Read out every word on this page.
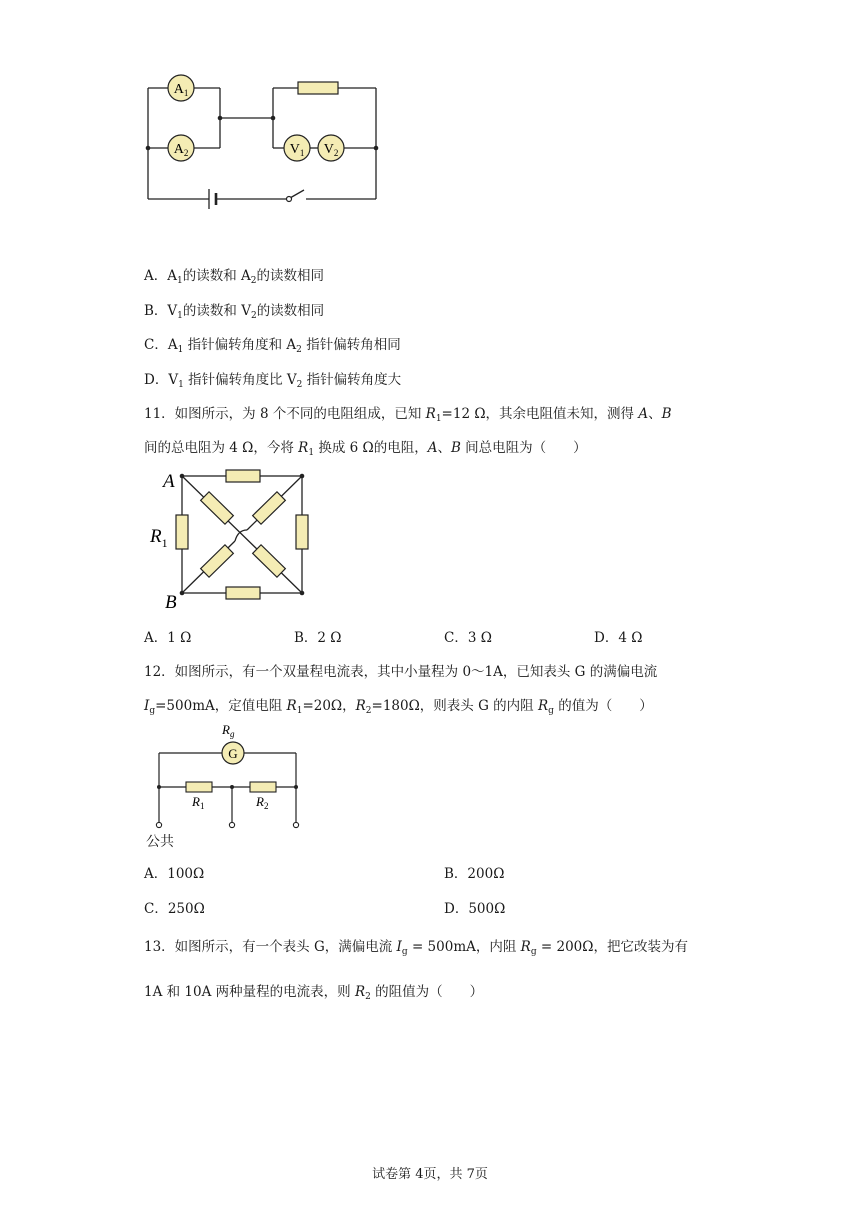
$A_1$
$A_2$	$V_1$ $V_2$
A．$A_1$的读数和 $A_2$的读数相同
B．$V_1$的读数和 $V_2$的读数相同
C．$A_1$ 指针偏转角度和 $A_2$ 指针偏转角相同
D．$V_1$ 指针偏转角度比 $V_2$ 指针偏转角度大
11．如图所示，为 8 个不同的电阻组成，已知 $R_1=12$ Ω，其余电阻值未知，测得 A、B
间的总电阻为 4 Ω，今将 $R_1$ 换成 6 Ω的电阻，A、B 间总电阻为（　　）
A
B
$R_1$
A．1 Ω	B．2 Ω	C．3 Ω	D．4 Ω
12．如图所示，有一个双量程电流表，其中小量程为 0～1A，已知表头 G 的满偏电流
$I_g=500mA$，定值电阻 $R_1=20\Omega$，$R_2=180\Omega$，则表头 G 的内阻 $R_g$ 的值为（　　）
G
$R_g$
$R_1$	$R_2$
公共
A．100Ω	B．200Ω
C．250Ω	D．500Ω
13．如图所示，有一个表头 G，满偏电流 $I_g = 500mA$，内阻 $R_g = 200\Omega$，把它改装为有
1A 和 10A 两种量程的电流表，则 $R_2$ 的阻值为（　　）
试卷第 4页，共 7页
